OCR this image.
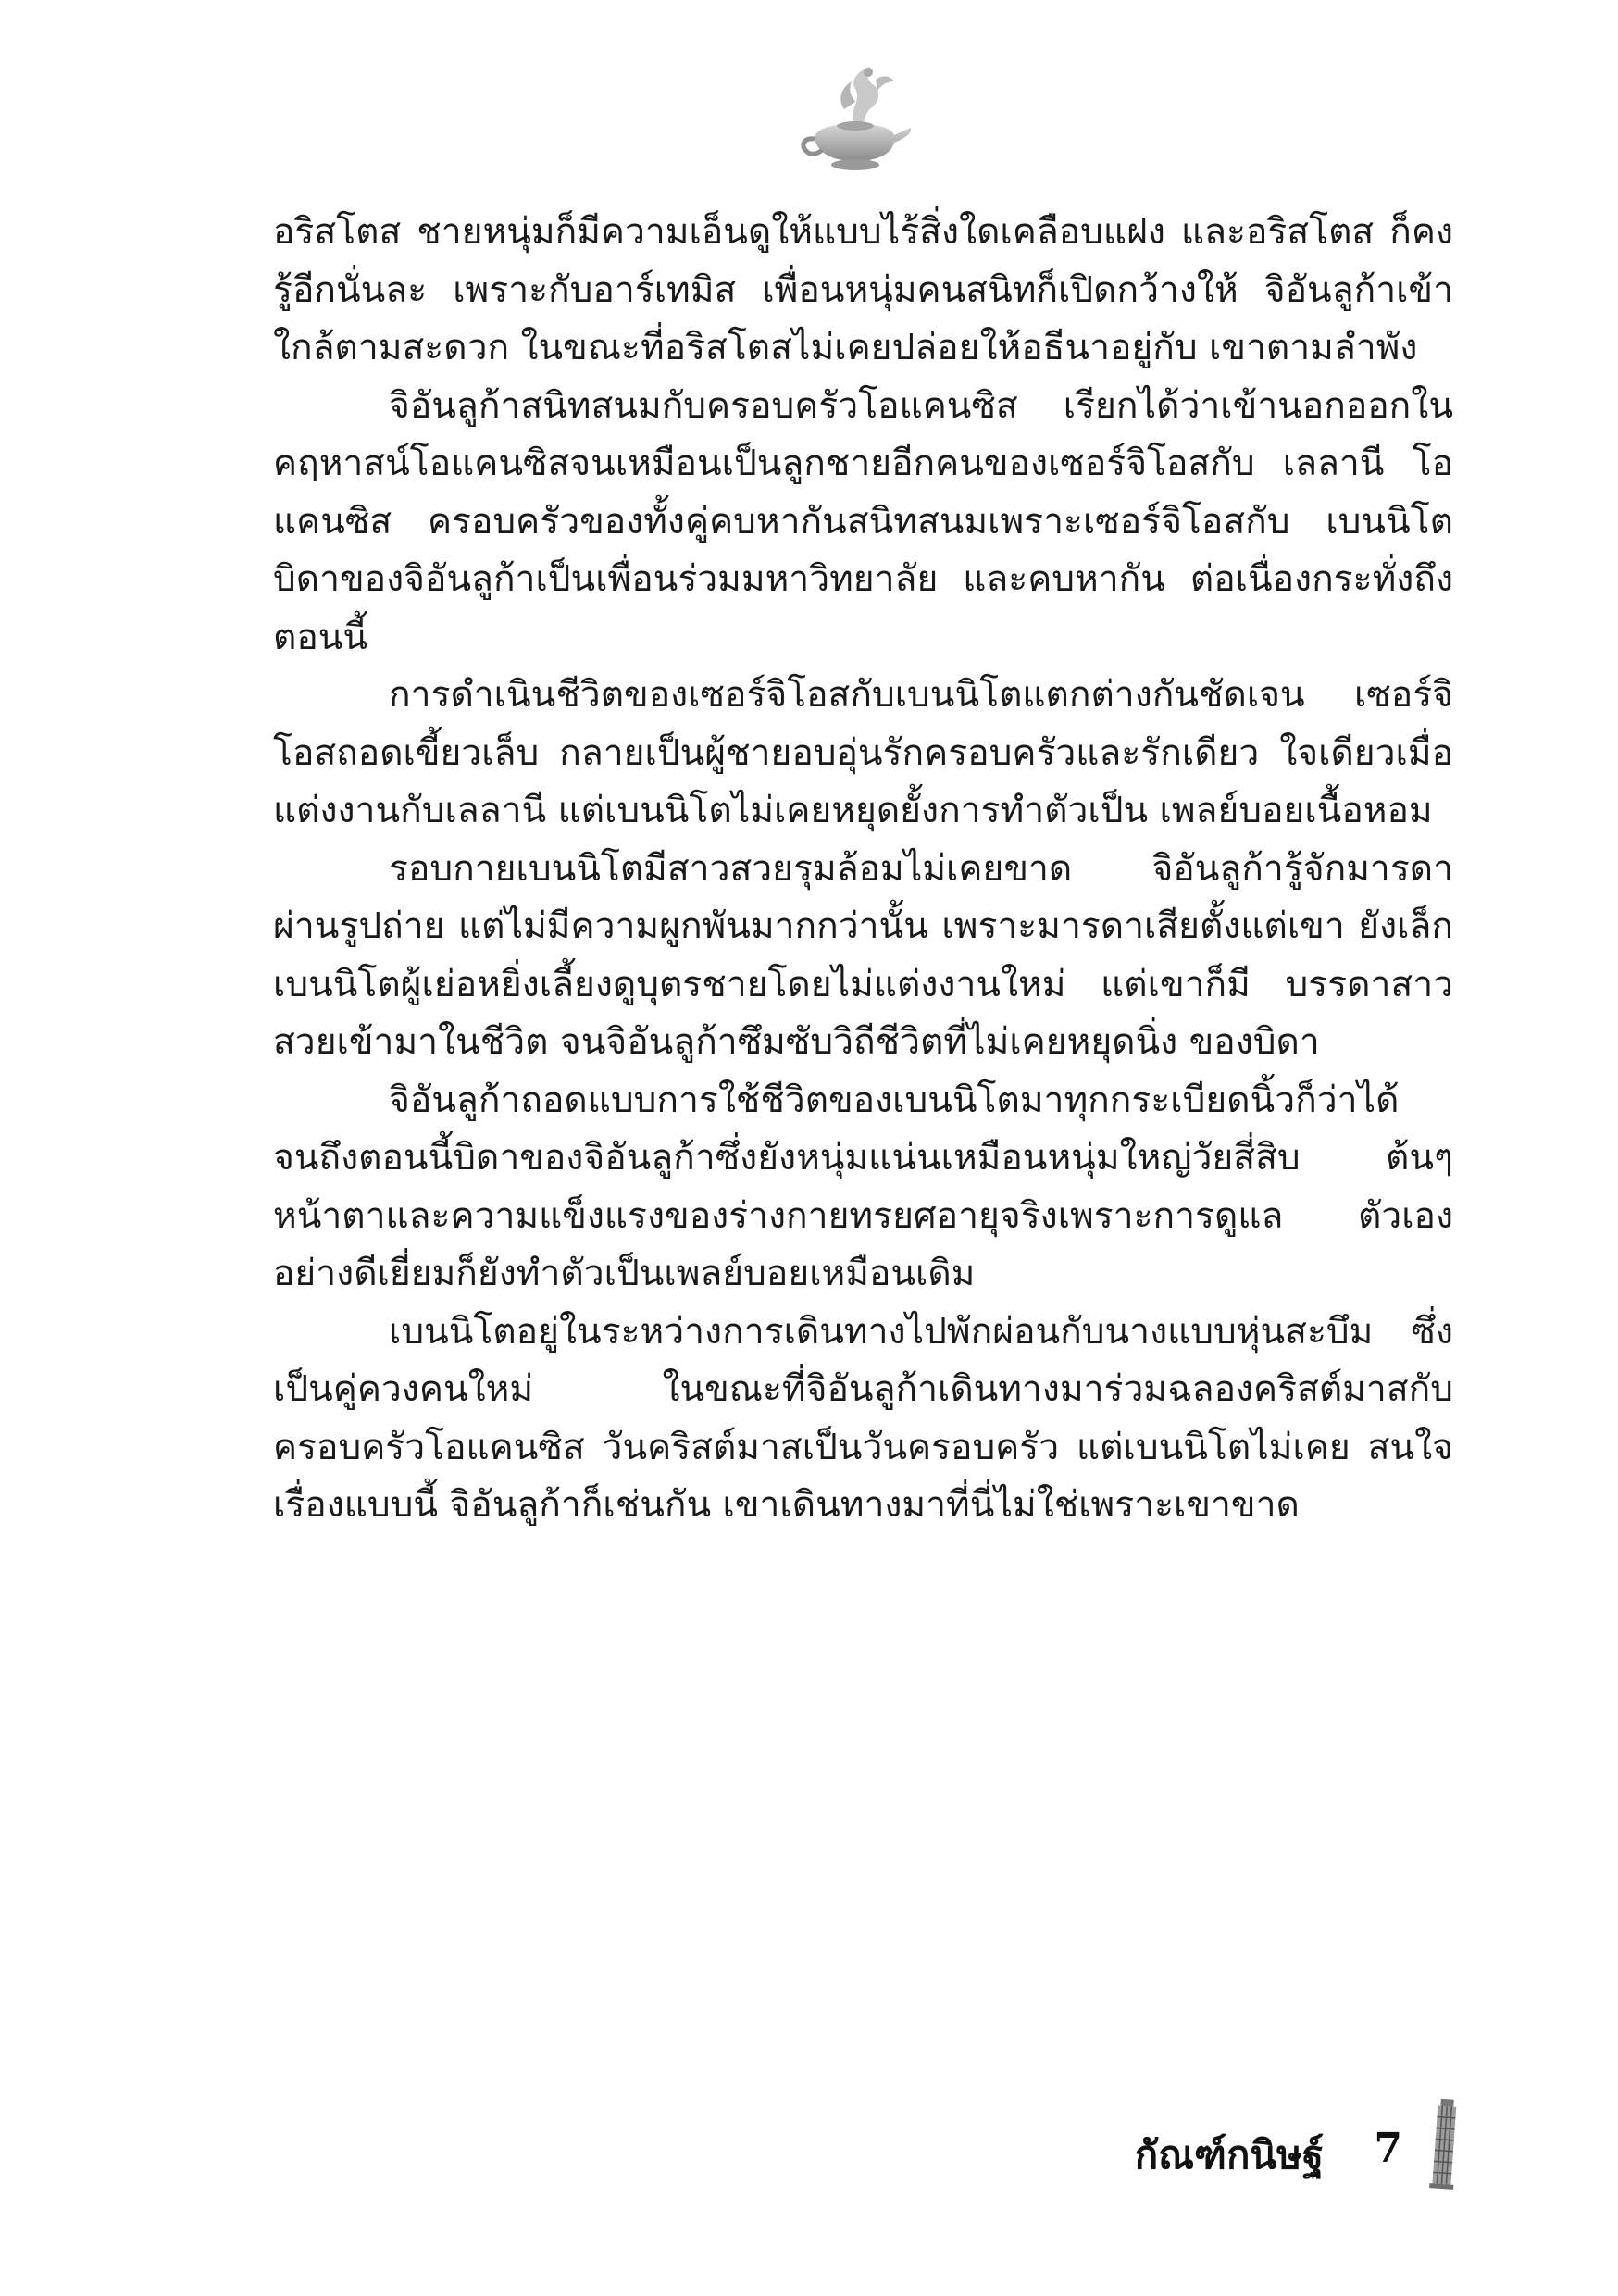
อริสโตส ชายหนุ่มก็มีความเอ็นดูให้แบบไร้สิ่งใดเคลือบแฝง และอริสโตส ก็คงรู้อีกนั่นละ เพราะกับอาร์เทมิส เพื่อนหนุ่มคนสนิทก็เปิดกว้างให้ จิอันลูก้าเข้าใกล้ตามสะดวก ในขณะที่อริสโตสไม่เคยปล่อยให้อธีนาอยู่กับ เขาตามลำพัง

จิอันลูก้าสนิทสนมกับครอบครัวโอแคนซิส เรียกได้ว่าเข้านอกออกใน คฤหาสน์โอแคนซิสจนเหมือนเป็นลูกชายอีกคนของเซอร์จิโอสกับ เลลานี โอแคนซิส ครอบครัวของทั้งคู่คบหากันสนิทสนมเพราะเซอร์จิโอสกับ เบนนิโต บิดาของจิอันลูก้าเป็นเพื่อนร่วมมหาวิทยาลัย และคบหากัน ต่อเนื่องกระทั่งถึงตอนนี้

การดำเนินชีวิตของเซอร์จิโอสกับเบนนิโตแตกต่างกันชัดเจน เซอร์จิโอสถอดเขี้ยวเล็บ กลายเป็นผู้ชายอบอุ่นรักครอบครัวและรักเดียว ใจเดียวเมื่อแต่งงานกับเลลานี แต่เบนนิโตไม่เคยหยุดยั้งการทำตัวเป็น เพลย์บอยเนื้อหอม

รอบกายเบนนิโตมีสาวสวยรุมล้อมไม่เคยขาด จิอันลูก้ารู้จักมารดา ผ่านรูปถ่าย แต่ไม่มีความผูกพันมากกว่านั้น เพราะมารดาเสียตั้งแต่เขา ยังเล็ก เบนนิโตผู้เย่อหยิ่งเลี้ยงดูบุตรชายโดยไม่แต่งงานใหม่ แต่เขาก็มี บรรดาสาวสวยเข้ามาในชีวิต จนจิอันลูก้าซึมซับวิถีชีวิตที่ไม่เคยหยุดนิ่ง ของบิดา

จิอันลูก้าถอดแบบการใช้ชีวิตของเบนนิโตมาทุกกระเบียดนิ้วก็ว่าได้ จนถึงตอนนี้บิดาของจิอันลูก้าซึ่งยังหนุ่มแน่นเหมือนหนุ่มใหญ่วัยสี่สิบ ต้นๆ หน้าตาและความแข็งแรงของร่างกายทรยศอายุจริงเพราะการดูแล ตัวเองอย่างดีเยี่ยมก็ยังทำตัวเป็นเพลย์บอยเหมือนเดิม

เบนนิโตอยู่ในระหว่างการเดินทางไปพักผ่อนกับนางแบบหุ่นสะบึม ซึ่งเป็นคู่ควงคนใหม่ ในขณะที่จิอันลูก้าเดินทางมาร่วมฉลองคริสต์มาสกับ ครอบครัวโอแคนซิส วันคริสต์มาสเป็นวันครอบครัว แต่เบนนิโตไม่เคย สนใจเรื่องแบบนี้ จิอันลูก้าก็เช่นกัน เขาเดินทางมาที่นี่ไม่ใช่เพราะเขาขาด

กัณฑ์กนิษฐ์ 7
